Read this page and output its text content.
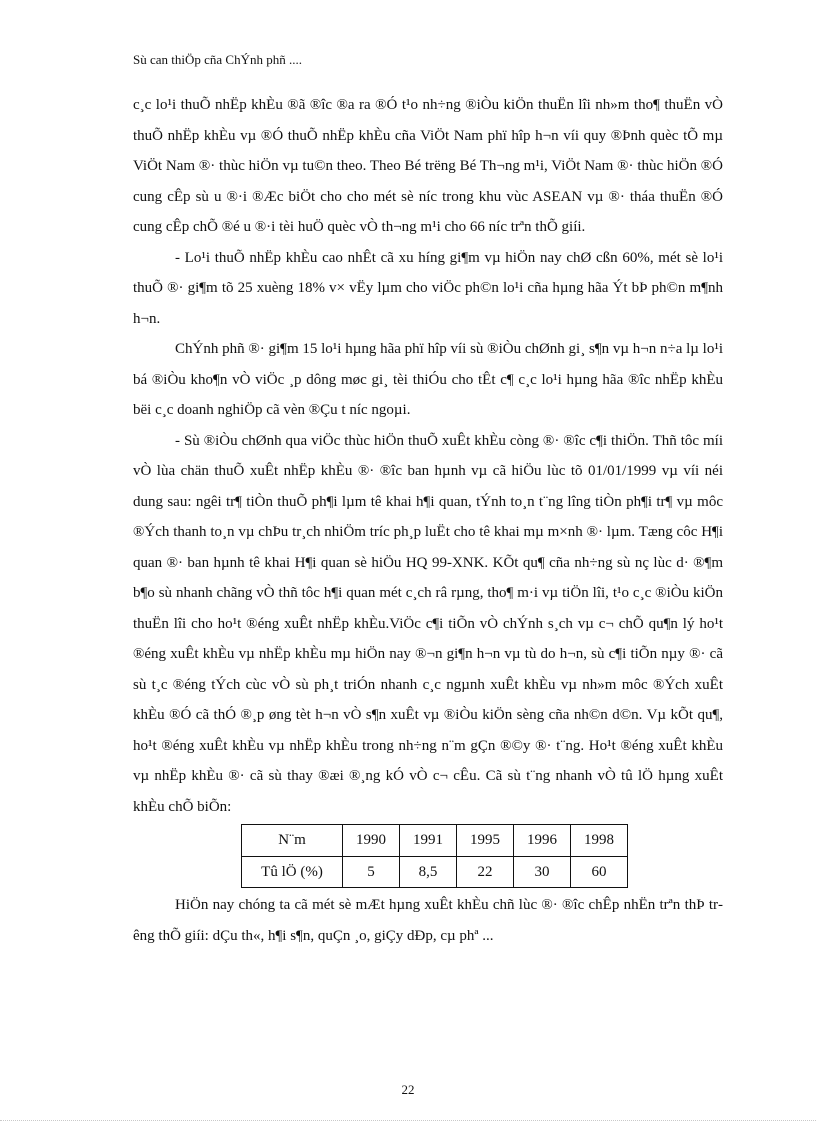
Sù can thiÖp cña ChÝnh phñ ....

c¸c lo¹i thuÕ nhËp khÈu ®ã ®îc ®a ra ®Ó t¹o nh÷ng ®iÒu kiÖn thuËn lîi nh»m tho¶ thuËn vÒ thuÕ nhËp khÈu vµ ®Ó thuÕ nhËp khÈu cña ViÖt Nam phï hîp h¬n víi quy ®Þnh quèc tÕ mµ ViÖt Nam ®· thùc hiÖn vµ tu©n theo. Theo Bé trëng Bé Th¬ng m¹i, ViÖt Nam ®· thùc hiÖn ®Ó cung cÊp sù u ®·i ®Æc biÖt cho cho mét sè níc trong khu vùc ASEAN vµ ®· tháa thuËn ®Ó cung cÊp chÕ ®é u ®·i tèi huÖ quèc vÒ th¬ng m¹i cho 66 níc trªn thÕ giíi.

- Lo¹i thuÕ nhËp khÈu cao nhÊt cã xu híng gi¶m vµ hiÖn nay chØ cßn 60%, mét sè lo¹i thuÕ ®· gi¶m tõ 25 xuèng 18% v× vËy lµm cho viÖc ph©n lo¹i cña hµng hãa Ýt bÞ ph©n m¶nh h¬n.

ChÝnh phñ ®· gi¶m 15 lo¹i hµng hãa phï hîp víi sù ®iÒu chØnh gi¸ s¶n vµ h¬n n÷a lµ lo¹i bá ®iÒu kho¶n vÒ viÖc ¸p dông møc gi¸ tèi thiÓu cho tÊt c¶ c¸c lo¹i hµng hãa ®îc nhËp khÈu bëi c¸c doanh nghiÖp cã vèn ®Çu t níc ngoµi.

- Sù ®iÒu chØnh qua viÖc thùc hiÖn thuÕ xuÊt khÈu còng ®· ®îc c¶i thiÖn. Thñ tôc míi vÒ lùa chän thuÕ xuÊt nhËp khÈu ®· ®îc ban hµnh vµ cã hiÖu lùc tõ 01/01/1999 vµ víi néi dung sau: ngêi tr¶ tiÒn thuÕ ph¶i lµm tê khai h¶i quan, tÝnh to¸n t¨ng lîng tiÒn ph¶i tr¶ vµ môc ®Ých thanh to¸n vµ chÞu tr¸ch nhiÖm tríc ph¸p luËt cho tê khai mµ m×nh ®· lµm. Tæng côc H¶i quan ®· ban hµnh tê khai H¶i quan sè hiÖu HQ 99-XNK. KÕt qu¶ cña nh÷ng sù nç lùc d· ®¶m b¶o sù nhanh chãng vÒ thñ tôc h¶i quan mét c¸ch râ rµng, tho¶ m·i vµ tiÖn lîi, t¹o c¸c ®iÒu kiÖn thuËn lîi cho ho¹t ®éng xuÊt nhËp khÈu.ViÖc c¶i tiÕn vÒ chÝnh s¸ch vµ c¬ chÕ qu¶n lý ho¹t ®éng xuÊt khÈu vµ nhËp khÈu mµ hiÖn nay ®¬n gi¶n h¬n vµ tù do h¬n, sù c¶i tiÕn nµy ®· cã sù t¸c ®éng tÝch cùc vÒ sù ph¸t triÓn nhanh c¸c ngµnh xuÊt khÈu vµ nh»m môc ®Ých xuÊt khÈu ®Ó cã thÓ ®¸p øng tèt h¬n vÒ s¶n xuÊt vµ ®iÒu kiÖn sèng cña nh©n d©n. Vµ kÕt qu¶, ho¹t ®éng xuÊt khÈu vµ nhËp khÈu trong nh÷ng n¨m gÇn ®©y ®· t¨ng. Ho¹t ®éng xuÊt khÈu vµ nhËp khÈu ®· cã sù thay ®æi ®¸ng kÓ vÒ c¬ cÊu. Cã sù t¨ng nhanh vÒ tû lÖ hµng xuÊt khÈu chÕ biÕn:

N¨m	1990	1991	1995	1996	1998
Tû lÖ (%)	5	8,5	22	30	60

HiÖn nay chóng ta cã mét sè mÆt hµng xuÊt khÈu chñ lùc ®· ®îc chÊp nhËn trªn thÞ trêng thÕ giíi: dÇu th«, h¶i s¶n, quÇn ¸o, giÇy dÐp, cµ phª ...

22
